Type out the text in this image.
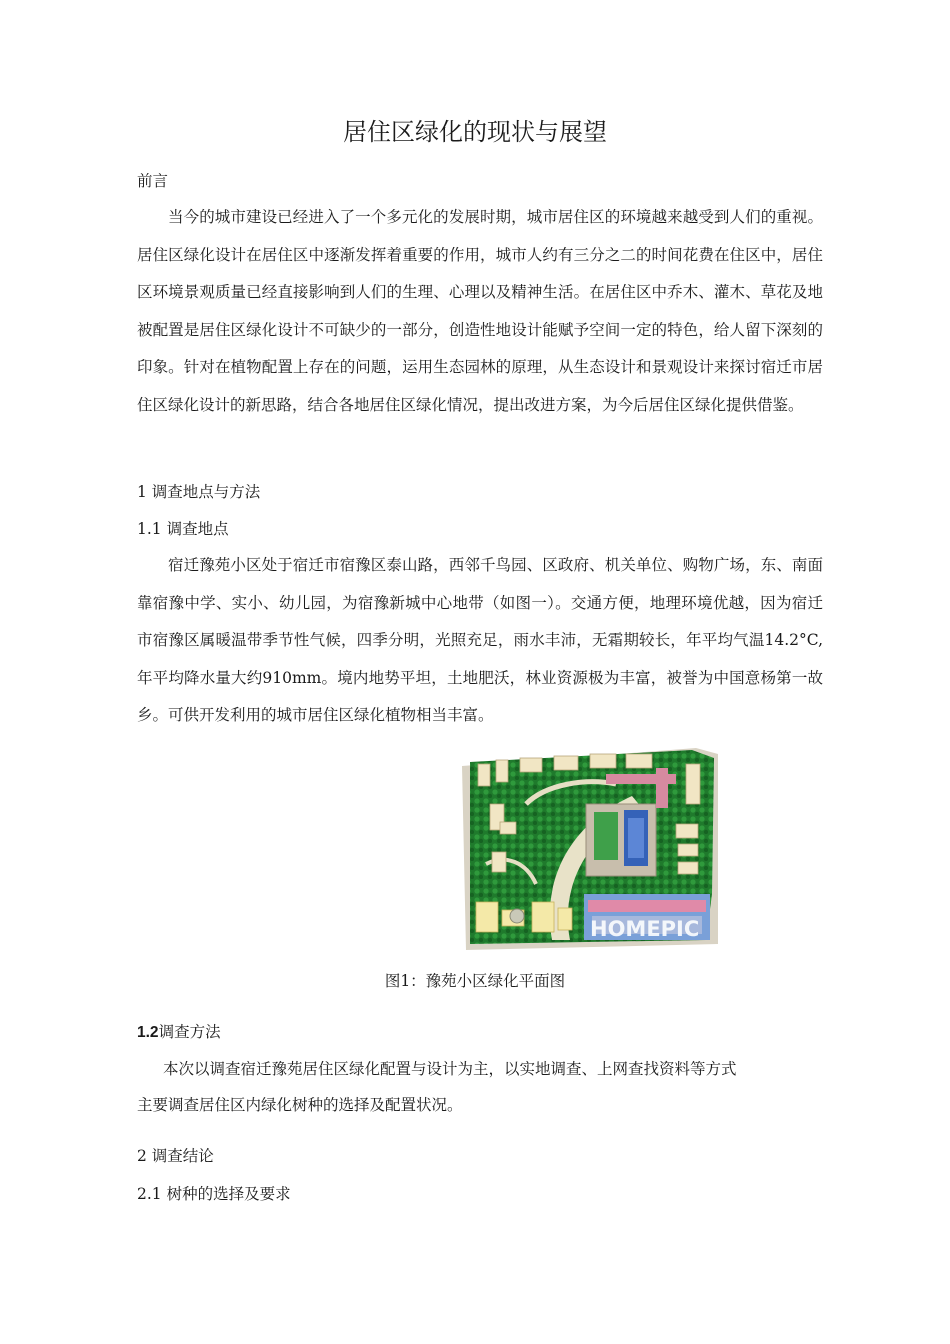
居住区绿化的现状与展望
前言

当今的城市建设已经进入了一个多元化的发展时期，城市居住区的环境越来越受到人们的重视。居住区绿化设计在居住区中逐渐发挥着重要的作用，城市人约有三分之二的时间花费在住区中，居住区环境景观质量已经直接影响到人们的生理、心理以及精神生活。在居住区中乔木、灌木、草花及地被配置是居住区绿化设计不可缺少的一部分，创造性地设计能赋予空间一定的特色，给人留下深刻的印象。针对在植物配置上存在的问题，运用生态园林的原理，从生态设计和景观设计来探讨宿迁市居住区绿化设计的新思路，结合各地居住区绿化情况，提出改进方案，为今后居住区绿化提供借鉴。

1 调查地点与方法
1.1 调查地点

宿迁豫苑小区处于宿迁市宿豫区泰山路，西邻千鸟园、区政府、机关单位、购物广场，东、南面靠宿豫中学、实小、幼儿园，为宿豫新城中心地带（如图一）。交通方便，地理环境优越，因为宿迁市宿豫区属暖温带季节性气候，四季分明，光照充足，雨水丰沛，无霜期较长，年平均气温14.2°C,年平均降水量大约910mm。境内地势平坦，土地肥沃，林业资源极为丰富，被誉为中国意杨第一故乡。可供开发利用的城市居住区绿化植物相当丰富。

HOMEPIC
图1：豫苑小区绿化平面图
1.2调查方法
本次以调查宿迁豫苑居住区绿化配置与设计为主，以实地调查、上网查找资料等方式
主要调查居住区内绿化树种的选择及配置状况。
2 调查结论
2.1 树种的选择及要求
